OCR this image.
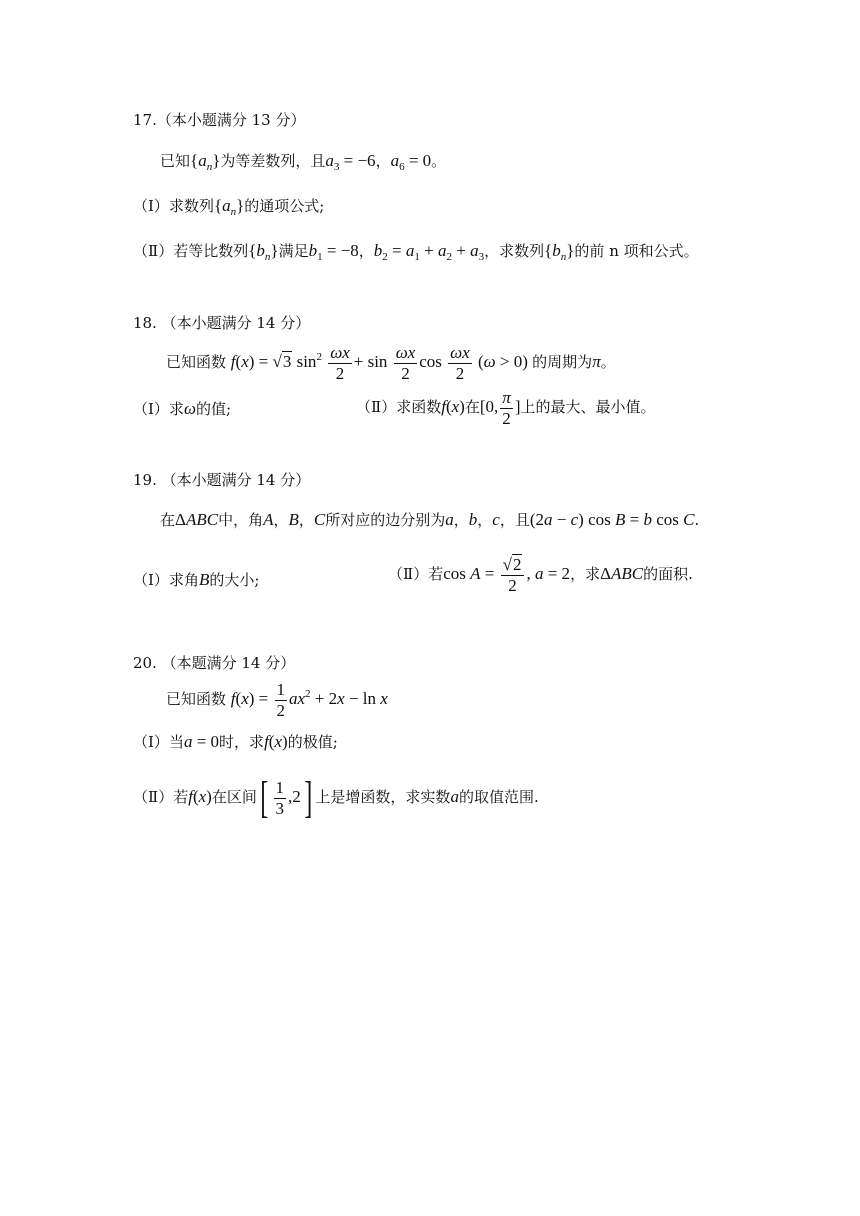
17.（本小题满分 13 分）
已知$\{a_n\}$为等差数列，且$a_3 = -6$，$a_6 = 0$。
（Ⅰ）求数列$\{a_n\}$的通项公式;
（Ⅱ）若等比数列$\{b_n\}$满足$b_1 = -8$，$b_2 = a_1 + a_2 + a_3$，求数列$\{b_n\}$的前 n 项和公式。
18. （本小题满分 14 分）
已知函数 f(x) = √3 $\sin^2 \frac{\omega x}{2} + \sin \frac{\omega x}{2}$ $\cos \frac{\omega x}{2} (\omega > 0)$ 的周期为π。
（Ⅰ）求ω的值;	（Ⅱ）求函数f(x)在[0, $\frac{\pi}{2}$ ]上的最大、最小值。
19. （本小题满分 14 分）
在ΔABC中，角A，B，C所对应的边分别为a，b，c，且(2a − c) cos B = b cos C.
（Ⅰ）求角B的大小;	（Ⅱ）若$\cos A = \frac{√2}{2}$ , a = 2，求ΔABC的面积.
20. （本题满分 14 分）
已知函数 $f(x) = \frac{1}{2} ax^2 + 2x - \ln x$
（Ⅰ）当a = 0时，求f(x)的极值;
（Ⅱ）若f(x)在区间[ $\frac{1}{3} ,2$] 上是增函数，求实数a的取值范围.
